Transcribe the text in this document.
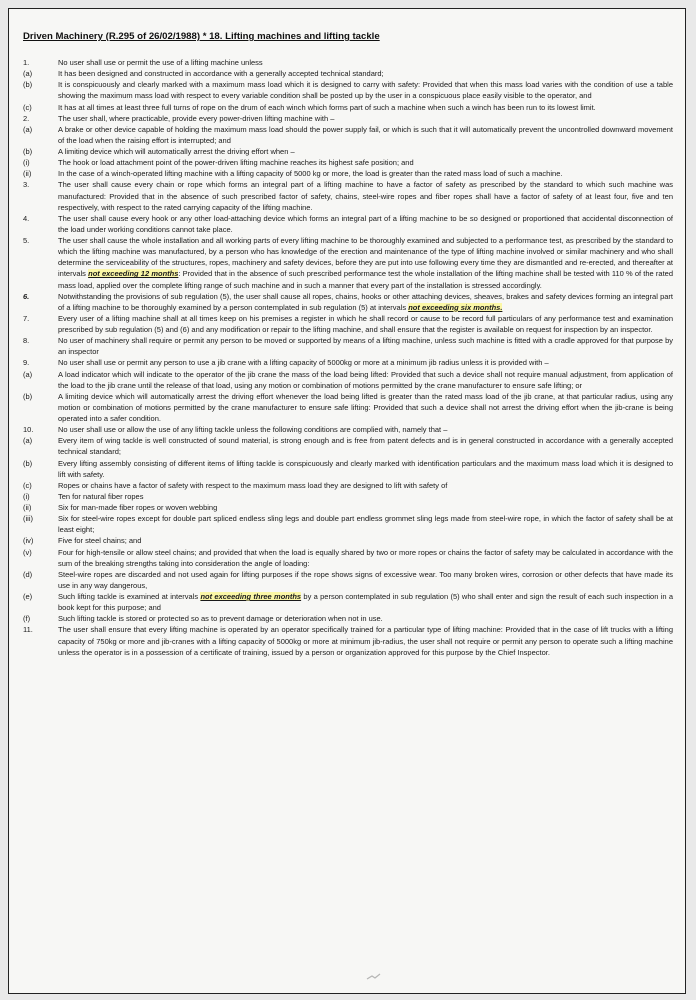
Driven Machinery (R.295 of 26/02/1988) * 18. Lifting machines and lifting tackle
1.	No user shall use or permit the use of a lifting machine unless
(a)	It has been designed and constructed in accordance with a generally accepted technical standard;
(b)	It is conspicuously and clearly marked with a maximum mass load which it is designed to carry with safety: Provided that when this mass load varies with the condition of use a table showing the maximum mass load with respect to every variable condition shall be posted up by the user in a conspicuous place easily visible to the operator, and
(c)	It has at all times at least three full turns of rope on the drum of each winch which forms part of such a machine when such a winch has been run to its lowest limit.
2.	The user shall, where practicable, provide every power-driven lifting machine with –
(a)	A brake or other device capable of holding the maximum mass load should the power supply fail, or which is such that it will automatically prevent the uncontrolled downward movement of the load when the raising effort is interrupted; and
(b)	A limiting device which will automatically arrest the driving effort when –
(i)	The hook or load attachment point of the power-driven lifting machine reaches its highest safe position; and
(ii)	In the case of a winch-operated lifting machine with a lifting capacity of 5000 kg or more, the load is greater than the rated mass load of such a machine.
3.	The user shall cause every chain or rope which forms an integral part of a lifting machine to have a factor of safety as prescribed by the standard to which such machine was manufactured: Provided that in the absence of such prescribed factor of safety, chains, steel-wire ropes and fiber ropes shall have a factor of safety of at least four, five and ten respectively, with respect to the rated carrying capacity of the lifting machine.
4.	The user shall cause every hook or any other load-attaching device which forms an integral part of a lifting machine to be so designed or proportioned that accidental disconnection of the load under working conditions cannot take place.
5.	The user shall cause the whole installation and all working parts of every lifting machine to be thoroughly examined and subjected to a performance test, as prescribed by the standard to which the lifting machine was manufactured, by a person who has knowledge of the erection and maintenance of the type of lifting machine involved or similar machinery and who shall determine the serviceability of the structures, ropes, machinery and safety devices, before they are put into use following every time they are dismantled and re-erected, and thereafter at intervals not exceeding 12 months: Provided that in the absence of such prescribed performance test the whole installation of the lifting machine shall be tested with 110 % of the rated mass load, applied over the complete lifting range of such machine and in such a manner that every part of the installation is stressed accordingly.
6.	Notwithstanding the provisions of sub regulation (5), the user shall cause all ropes, chains, hooks or other attaching devices, sheaves, brakes and safety devices forming an integral part of a lifting machine to be thoroughly examined by a person contemplated in sub regulation (5) at intervals not exceeding six months.
7.	Every user of a lifting machine shall at all times keep on his premises a register in which he shall record or cause to be record full particulars of any performance test and examination prescribed by sub regulation (5) and (6) and any modification or repair to the lifting machine, and shall ensure that the register is available on request for inspection by an inspector.
8.	No user of machinery shall require or permit any person to be moved or supported by means of a lifting machine, unless such machine is fitted with a cradle approved for that purpose by an inspector
9.	No user shall use or permit any person to use a jib crane with a lifting capacity of 5000kg or more at a minimum jib radius unless it is provided with –
(a)	A load indicator which will indicate to the operator of the jib crane the mass of the load being lifted: Provided that such a device shall not require manual adjustment, from application of the load to the jib crane until the release of that load, using any motion or combination of motions permitted by the crane manufacturer to ensure safe lifting; or
(b)	A limiting device which will automatically arrest the driving effort whenever the load being lifted is greater than the rated mass load of the jib crane, at that particular radius, using any motion or combination of motions permitted by the crane manufacturer to ensure safe lifting: Provided that such a device shall not arrest the driving effort when the jib-crane is being operated into a safer condition.
10.	No user shall use or allow the use of any lifting tackle unless the following conditions are complied with, namely that –
(a)	Every item of wing tackle is well constructed of sound material, is strong enough and is free from patent defects and is in general constructed in accordance with a generally accepted technical standard;
(b)	Every lifting assembly consisting of different items of lifting tackle is conspicuously and clearly marked with identification particulars and the maximum mass load which it is designed to lift with safety.
(c)	Ropes or chains have a factor of safety with respect to the maximum mass load they are designed to lift with safety of
(i)	Ten for natural fiber ropes
(ii)	Six for man-made fiber ropes or woven webbing
(iii)	Six for steel-wire ropes except for double part spliced endless sling legs and double part endless grommet sling legs made from steel-wire rope, in which the factor of safety shall be at least eight;
(iv)	Five for steel chains; and
(v)	Four for high-tensile or allow steel chains; and provided that when the load is equally shared by two or more ropes or chains the factor of safety may be calculated in accordance with the sum of the breaking strengths taking into consideration the angle of loading:
(d)	Steel-wire ropes are discarded and not used again for lifting purposes if the rope shows signs of excessive wear. Too many broken wires, corrosion or other defects that have made its use in any way dangerous,
(e)	Such lifting tackle is examined at intervals not exceeding three months by a person contemplated in sub regulation (5) who shall enter and sign the result of each such inspection in a book kept for this purpose; and
(f)	Such lifting tackle is stored or protected so as to prevent damage or deterioration when not in use.
11.	The user shall ensure that every lifting machine is operated by an operator specifically trained for a particular type of lifting machine: Provided that in the case of lift trucks with a lifting capacity of 750kg or more and jib-cranes with a lifting capacity of 5000kg or more at minimum jib-radius, the user shall not require or permit any person to operate such a lifting machine unless the operator is in a possession of a certificate of training, issued by a person or organization approved for this purpose by the Chief Inspector.
